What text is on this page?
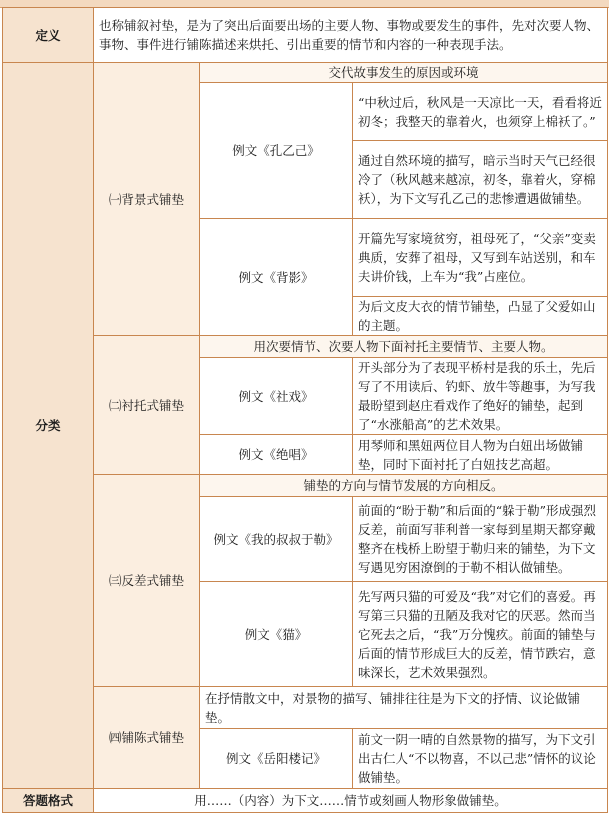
定义	也称铺叙衬垫，是为了突出后面要出场的主要人物、事物或要发生的事件，先对次要人物、事物、事件进行铺陈描述来烘托、引出重要的情节和内容的一种表现手法。		
分类	㈠背景式铺垫	交代故事发生的原因或环境	
		例文《孔乙己》	“中秋过后，秋风是一天凉比一天，看看将近初冬；我整天的靠着火，也须穿上棉袄了。”
			通过自然环境的描写，暗示当时天气已经很冷了（秋风越来越凉，初冬，靠着火，穿棉袄），为下文写孔乙己的悲惨遭遇做铺垫。
		例文《背影》	开篇先写家境贫穷，祖母死了，“父亲”变卖典质，安葬了祖母，又写到车站送别，和车夫讲价钱，上车为“我”占座位。

			为后文皮大衣的情节铺垫，凸显了父爱如山的主题。
	㈡衬托式铺垫	用次要情节、次要人物下面衬托主要情节、主要人物。	
		例文《社戏》	开头部分为了表现平桥村是我的乐土，先后写了不用读后、钓虾、放牛等趣事，为写我最盼望到赵庄看戏作了绝好的铺垫，起到了“水涨船高”的艺术效果。
		例文《绝唱》	用琴师和黑妞两位目人物为白妞出场做铺垫，同时下面衬托了白妞技艺高超。
	㈢反差式铺垫	铺垫的方向与情节发展的方向相反。	
		例文《我的叔叔于勒》	前面的“盼于勒”和后面的“躲于勒”形成强烈反差，前面写菲利普一家每到星期天都穿戴整齐在栈桥上盼望于勒归来的铺垫，为下文写遇见穷困潦倒的于勒不相认做铺垫。
		例文《猫》	先写两只猫的可爱及“我”对它们的喜爱。再写第三只猫的丑陋及我对它的厌恶。然而当它死去之后，“我”万分愧疚。前面的铺垫与后面的情节形成巨大的反差，情节跌宕，意味深长，艺术效果强烈。
	㈣铺陈式铺垫	在抒情散文中，对景物的描写、铺排往往是为下文的抒情、议论做铺垫。	
		例文《岳阳楼记》	前文一阴一晴的自然景物的描写，为下文引出古仁人“不以物喜，不以己悲”情怀的议论做铺垫。

答题格式	用……（内容）为下文……情节或刻画人物形象做铺垫。		
